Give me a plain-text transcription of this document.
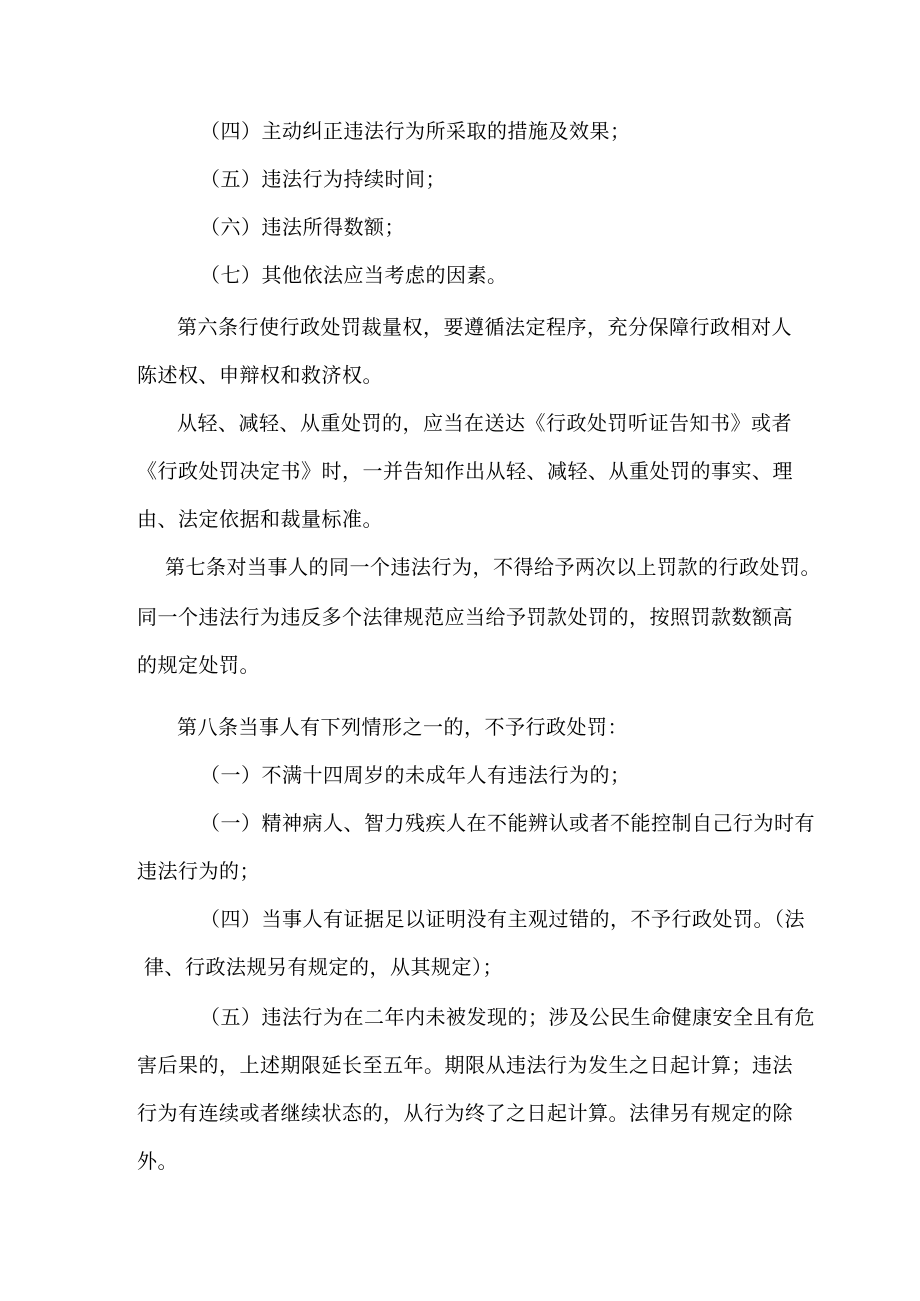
（四）主动纠正违法行为所采取的措施及效果；

（五）违法行为持续时间；

（六）违法所得数额；

（七）其他依法应当考虑的因素。

第六条行使行政处罚裁量权，要遵循法定程序，充分保障行政相对人

陈述权、申辩权和救济权。

从轻、减轻、从重处罚的，应当在送达《行政处罚听证告知书》或者

《行政处罚决定书》时，一并告知作出从轻、减轻、从重处罚的事实、理

由、法定依据和裁量标准。

第七条对当事人的同一个违法行为，不得给予两次以上罚款的行政处罚。

同一个违法行为违反多个法律规范应当给予罚款处罚的，按照罚款数额高

的规定处罚。

第八条当事人有下列情形之一的，不予行政处罚：

（一）不满十四周岁的未成年人有违法行为的；

（一）精神病人、智力残疾人在不能辨认或者不能控制自己行为时有

违法行为的；

（四）当事人有证据足以证明没有主观过错的，不予行政处罚。（法

律、行政法规另有规定的，从其规定）；

（五）违法行为在二年内未被发现的；涉及公民生命健康安全且有危

害后果的，上述期限延长至五年。期限从违法行为发生之日起计算；违法

行为有连续或者继续状态的，从行为终了之日起计算。法律另有规定的除

外。
